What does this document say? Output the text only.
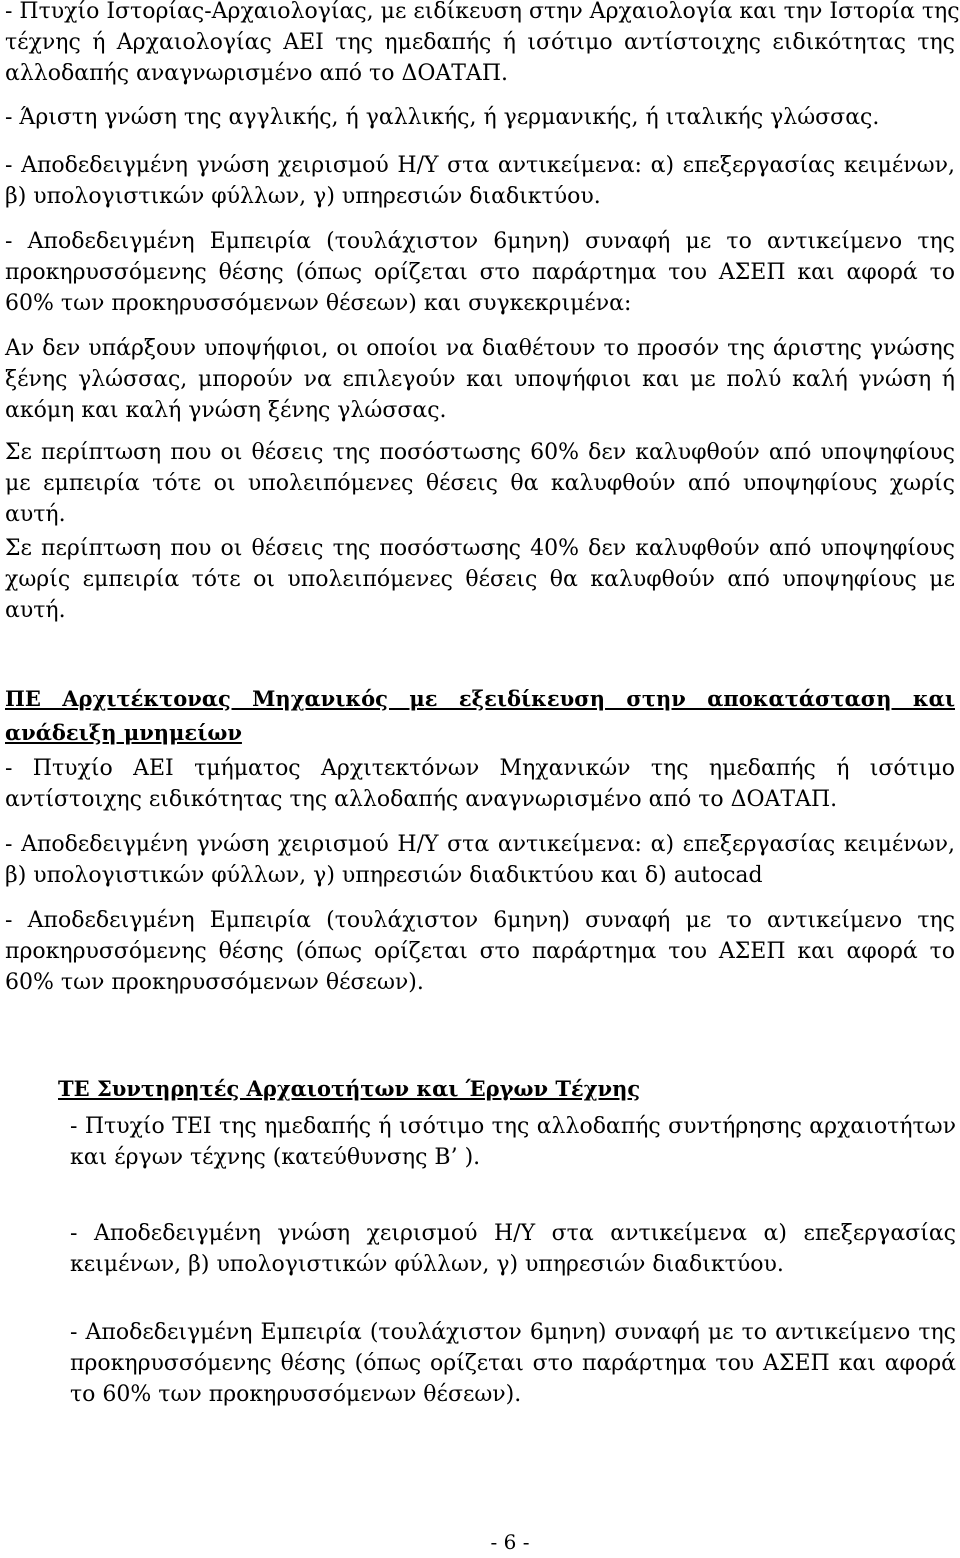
- Πτυχίο Ιστορίας-Αρχαιολογίας, με ειδίκευση στην Αρχαιολογία και την Ιστορία της
τέχνης ή Αρχαιολογίας ΑΕΙ της ημεδαπής ή ισότιμο αντίστοιχης ειδικότητας της
αλλοδαπής αναγνωρισμένο από το ΔΟΑΤΑΠ.

- Άριστη γνώση της αγγλικής, ή γαλλικής, ή γερμανικής, ή ιταλικής γλώσσας.

- Αποδεδειγμένη γνώση χειρισμού Η/Υ στα αντικείμενα: α) επεξεργασίας κειμένων,
β) υπολογιστικών φύλλων, γ) υπηρεσιών διαδικτύου.

- Αποδεδειγμένη Εμπειρία (τουλάχιστον 6μηνη) συναφή με το αντικείμενο της
προκηρυσσόμενης θέσης (όπως ορίζεται στο παράρτημα του ΑΣΕΠ και αφορά το
60% των προκηρυσσόμενων θέσεων) και συγκεκριμένα:

Αν δεν υπάρξουν υποψήφιοι, οι οποίοι να διαθέτουν το προσόν της άριστης γνώσης
ξένης γλώσσας, μπορούν να επιλεγούν και υποψήφιοι και με πολύ καλή γνώση ή
ακόμη και καλή γνώση ξένης γλώσσας.

Σε περίπτωση που οι θέσεις της ποσόστωσης 60% δεν καλυφθούν από υποψηφίους
με εμπειρία τότε οι υπολειπόμενες θέσεις θα καλυφθούν από υποψηφίους χωρίς
αυτή.

Σε περίπτωση που οι θέσεις της ποσόστωσης 40% δεν καλυφθούν από υποψηφίους
χωρίς εμπειρία τότε οι υπολειπόμενες θέσεις θα καλυφθούν από υποψηφίους με
αυτή.

ΠΕ Αρχιτέκτονας Μηχανικός με εξειδίκευση στην αποκατάσταση και
ανάδειξη μνημείων

- Πτυχίο ΑΕΙ τμήματος Αρχιτεκτόνων Μηχανικών της ημεδαπής ή ισότιμο
αντίστοιχης ειδικότητας της αλλοδαπής αναγνωρισμένο από το ΔΟΑΤΑΠ.

- Αποδεδειγμένη γνώση χειρισμού Η/Υ στα αντικείμενα: α) επεξεργασίας κειμένων,
β) υπολογιστικών φύλλων, γ) υπηρεσιών διαδικτύου και δ) autocad

- Αποδεδειγμένη Εμπειρία (τουλάχιστον 6μηνη) συναφή με το αντικείμενο της
προκηρυσσόμενης θέσης (όπως ορίζεται στο παράρτημα του ΑΣΕΠ και αφορά το
60% των προκηρυσσόμενων θέσεων).

ΤΕ Συντηρητές Αρχαιοτήτων και Έργων Τέχνης

- Πτυχίο ΤΕΙ της ημεδαπής ή ισότιμο της αλλοδαπής συντήρησης αρχαιοτήτων
και έργων τέχνης (κατεύθυνσης Β’ ).

- Αποδεδειγμένη γνώση χειρισμού Η/Υ στα αντικείμενα α) επεξεργασίας
κειμένων, β) υπολογιστικών φύλλων, γ) υπηρεσιών διαδικτύου.

- Αποδεδειγμένη Εμπειρία (τουλάχιστον 6μηνη) συναφή με το αντικείμενο της
προκηρυσσόμενης θέσης (όπως ορίζεται στο παράρτημα του ΑΣΕΠ και αφορά
το 60% των προκηρυσσόμενων θέσεων).

- 6 -
